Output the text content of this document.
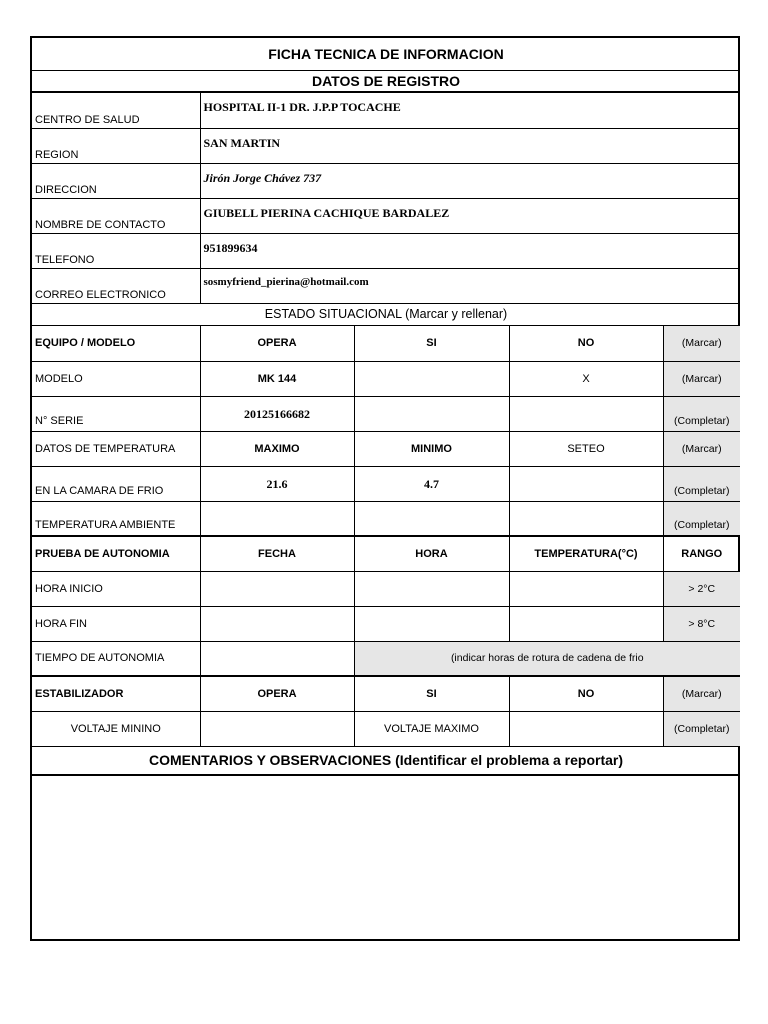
FICHA TECNICA DE INFORMACION
DATOS DE REGISTRO
CENTRO DE SALUD	HOSPITAL II-1 DR. J.P.P TOCACHE
REGION	SAN MARTIN
DIRECCION	Jirón Jorge Chávez 737
NOMBRE DE CONTACTO	GIUBELL PIERINA CACHIQUE BARDALEZ
TELEFONO	951899634
CORREO ELECTRONICO	sosmyfriend_pierina@hotmail.com
ESTADO SITUACIONAL (Marcar y rellenar)
EQUIPO / MODELO	OPERA	SI	NO	(Marcar)
MODELO	MK 144		X	(Marcar)
N° SERIE	20125166682			(Completar)
DATOS DE TEMPERATURA	MAXIMO	MINIMO	SETEO	(Marcar)
EN LA CAMARA DE FRIO	21.6	4.7		(Completar)
TEMPERATURA AMBIENTE				(Completar)
PRUEBA DE AUTONOMIA	FECHA	HORA	TEMPERATURA(°C)	RANGO
HORA INICIO				> 2°C
HORA FIN				> 8°C
TIEMPO DE AUTONOMIA		(indicar horas de rotura de cadena de frio		
ESTABILIZADOR	OPERA	SI	NO	(Marcar)
VOLTAJE MININO		VOLTAJE MAXIMO		(Completar)
COMENTARIOS Y OBSERVACIONES (Identificar el problema a reportar)
